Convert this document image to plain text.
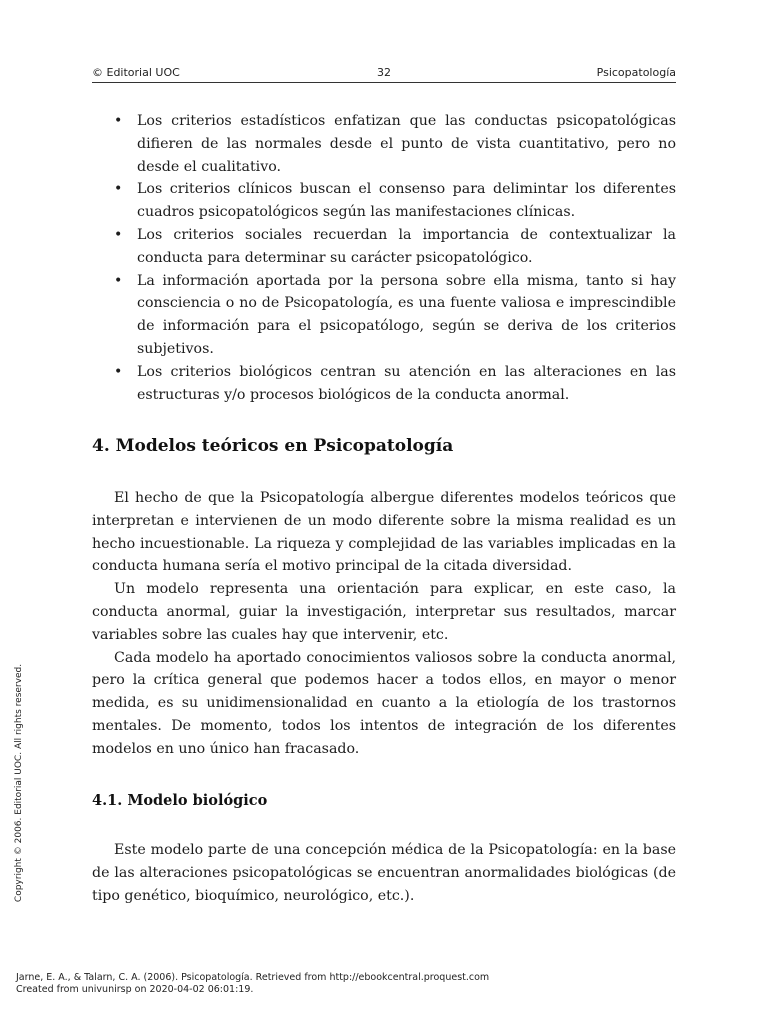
© Editorial UOC	32	Psicopatología
• Los criterios estadísticos enfatizan que las conductas psicopatológicas difieren de las normales desde el punto de vista cuantitativo, pero no desde el cualitativo.
• Los criterios clínicos buscan el consenso para delimintar los diferentes cuadros psicopatológicos según las manifestaciones clínicas.
• Los criterios sociales recuerdan la importancia de contextualizar la conducta para determinar su carácter psicopatológico.
• La información aportada por la persona sobre ella misma, tanto si hay consciencia o no de Psicopatología, es una fuente valiosa e imprescindible de información para el psicopatólogo, según se deriva de los criterios subjetivos.
• Los criterios biológicos centran su atención en las alteraciones en las estructuras y/o procesos biológicos de la conducta anormal.
4. Modelos teóricos en Psicopatología

El hecho de que la Psicopatología albergue diferentes modelos teóricos que interpretan e intervienen de un modo diferente sobre la misma realidad es un hecho incuestionable. La riqueza y complejidad de las variables implicadas en la conducta humana sería el motivo principal de la citada diversidad.

Un modelo representa una orientación para explicar, en este caso, la conducta anormal, guiar la investigación, interpretar sus resultados, marcar variables sobre las cuales hay que intervenir, etc.

Cada modelo ha aportado conocimientos valiosos sobre la conducta anormal, pero la crítica general que podemos hacer a todos ellos, en mayor o menor medida, es su unidimensionalidad en cuanto a la etiología de los trastornos mentales. De momento, todos los intentos de integración de los diferentes modelos en uno único han fracasado.

4.1. Modelo biológico

Este modelo parte de una concepción médica de la Psicopatología: en la base de las alteraciones psicopatológicas se encuentran anormalidades biológicas (de tipo genético, bioquímico, neurológico, etc.).

Copyright © 2006. Editorial UOC. All rights reserved.
Jarne, E. A., & Talarn, C. A. (2006). Psicopatología. Retrieved from http://ebookcentral.proquest.com
Created from univunirsp on 2020-04-02 06:01:19.
